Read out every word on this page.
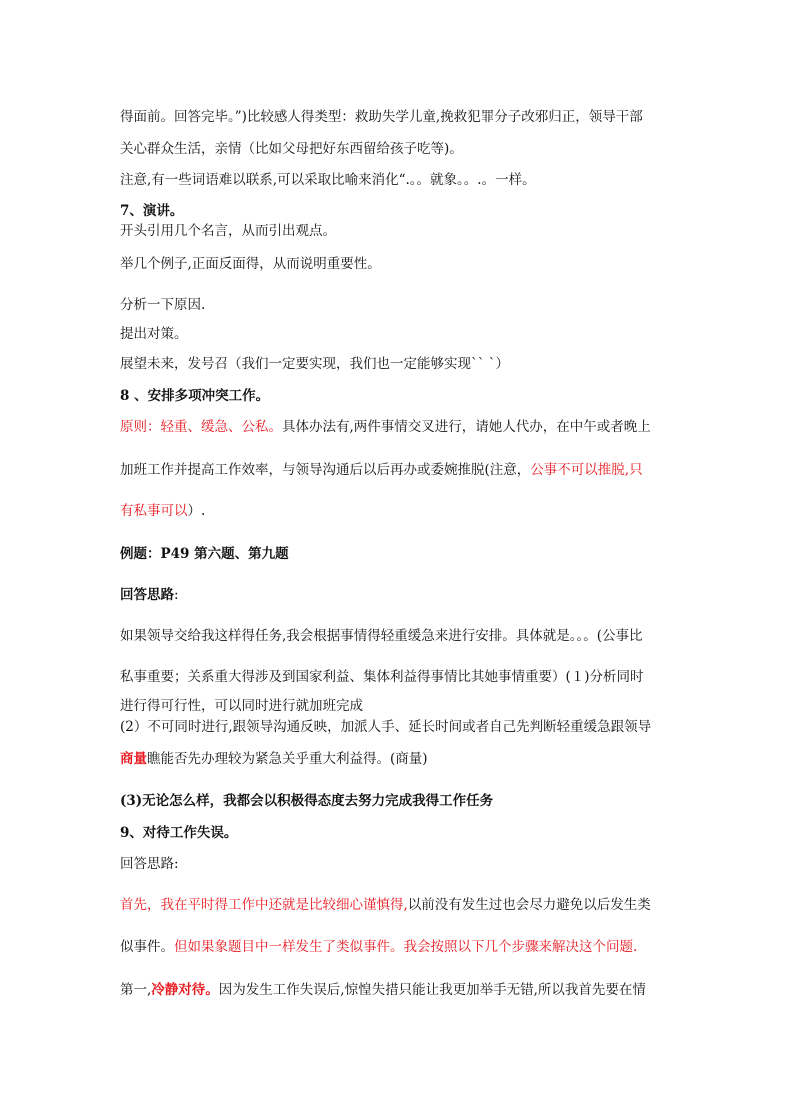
得面前。回答完毕。”)比较感人得类型：救助失学儿童,挽救犯罪分子改邪归正，领导干部
关心群众生活，亲情（比如父母把好东西留给孩子吃等)。
注意,有一些词语难以联系,可以采取比喻来消化“.。。就象。。.。一样。
7、演讲。
开头引用几个名言，从而引出观点。
举几个例子,正面反面得，从而说明重要性。
分析一下原因.
提出对策。
展望未来，发号召（我们一定要实现，我们也一定能够实现`` `）
8 、安排多项冲突工作。
原则：轻重、缓急、公私。具体办法有,两件事情交叉进行，请她人代办，在中午或者晚上
加班工作并提高工作效率，与领导沟通后以后再办或委婉推脱(注意，公事不可以推脱,只
有私事可以）.
例题：P49 第六题、第九题
回答思路:
如果领导交给我这样得任务,我会根据事情得轻重缓急来进行安排。具体就是。。。(公事比
私事重要；关系重大得涉及到国家利益、集体利益得事情比其她事情重要）(１)分析同时
进行得可行性，可以同时进行就加班完成
(2）不可同时进行,跟领导沟通反映，加派人手、延长时间或者自己先判断轻重缓急跟领导
商量瞧能否先办理较为紧急关乎重大利益得。(商量)
(3)无论怎么样，我都会以积极得态度去努力完成我得工作任务
9、对待工作失误。
回答思路:
首先，我在平时得工作中还就是比较细心谨慎得,以前没有发生过也会尽力避免以后发生类
似事件。但如果象题目中一样发生了类似事件。我会按照以下几个步骤来解决这个问题.
第一,冷静对待。因为发生工作失误后,惊惶失措只能让我更加举手无错,所以我首先要在情
